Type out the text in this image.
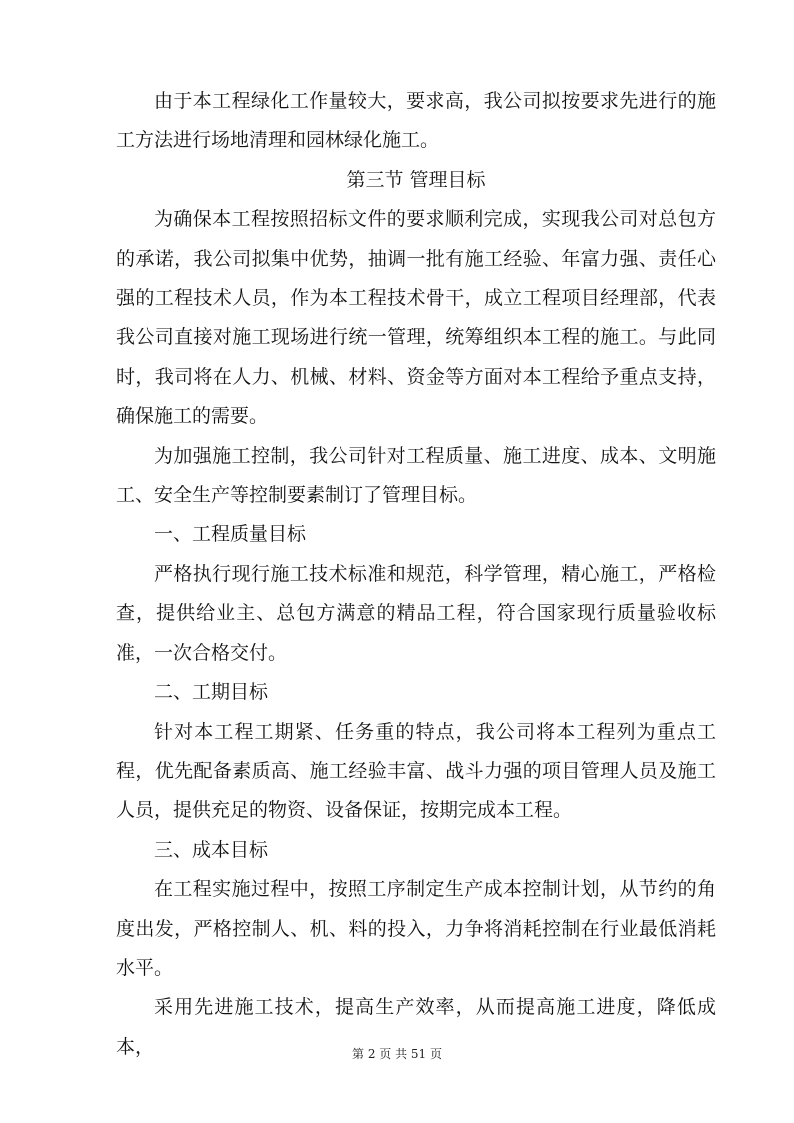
由于本工程绿化工作量较大，要求高，我公司拟按要求先进行的施工方法进行场地清理和园林绿化施工。

第三节 管理目标

为确保本工程按照招标文件的要求顺利完成，实现我公司对总包方的承诺，我公司拟集中优势，抽调一批有施工经验、年富力强、责任心强的工程技术人员，作为本工程技术骨干，成立工程项目经理部，代表我公司直接对施工现场进行统一管理，统筹组织本工程的施工。与此同时，我司将在人力、机械、材料、资金等方面对本工程给予重点支持，确保施工的需要。

为加强施工控制，我公司针对工程质量、施工进度、成本、文明施工、安全生产等控制要素制订了管理目标。

一、工程质量目标

严格执行现行施工技术标准和规范，科学管理，精心施工，严格检查，提供给业主、总包方满意的精品工程，符合国家现行质量验收标准，一次合格交付。

二、工期目标

针对本工程工期紧、任务重的特点，我公司将本工程列为重点工程，优先配备素质高、施工经验丰富、战斗力强的项目管理人员及施工人员，提供充足的物资、设备保证，按期完成本工程。

三、成本目标

在工程实施过程中，按照工序制定生产成本控制计划，从节约的角度出发，严格控制人、机、料的投入，力争将消耗控制在行业最低消耗水平。

采用先进施工技术，提高生产效率，从而提高施工进度，降低成本，	第 2 页 共 51 页
